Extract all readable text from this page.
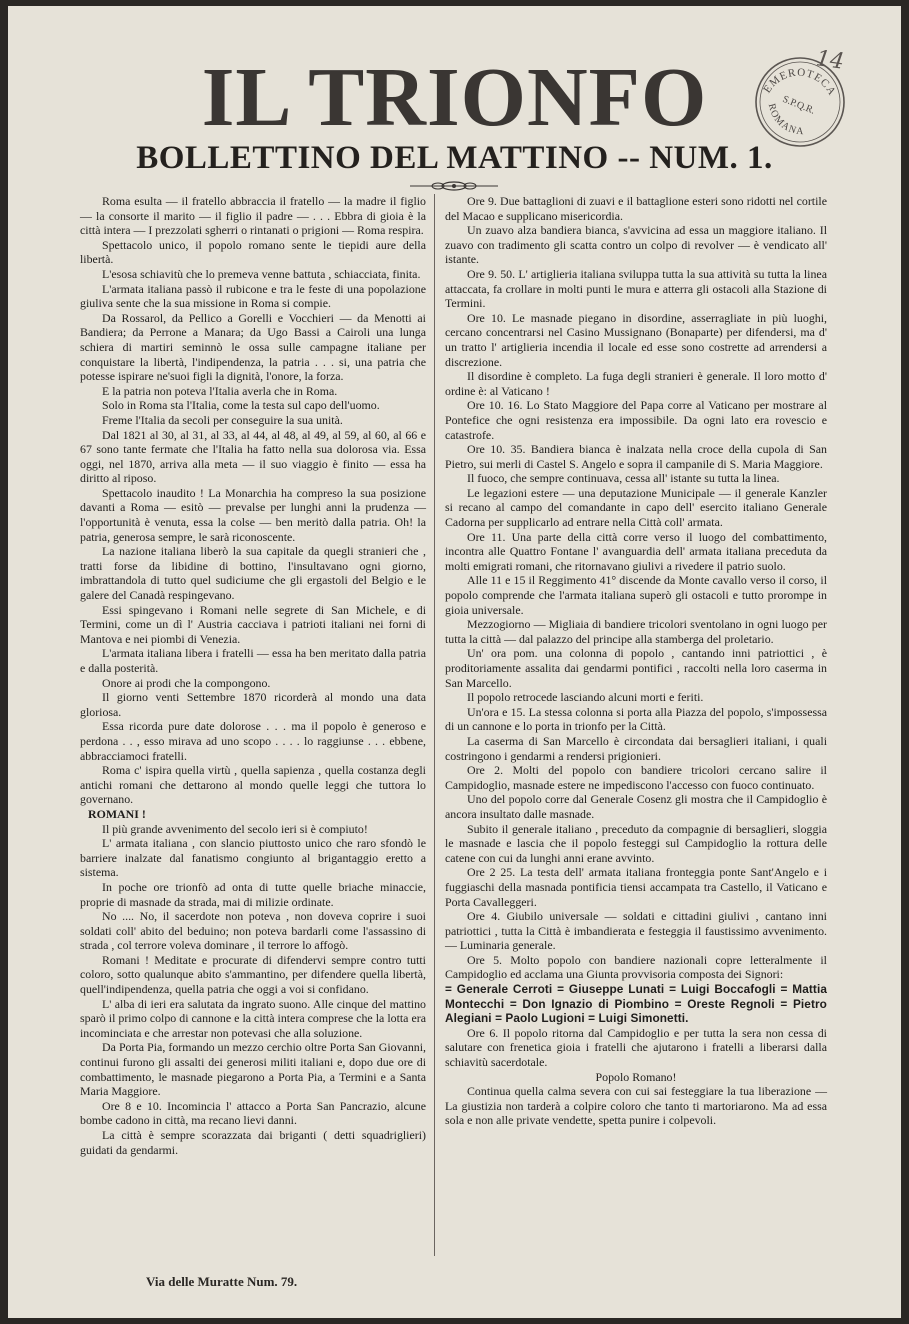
IL TRIONFO
BOLLETTINO DEL MATTINO -- NUM. 1.
EMEROTECA
S.P.Q.R.
ROMANA
14

Roma esulta — il fratello abbraccia il fratello — la madre il figlio — la consorte il marito — il figlio il padre — . . . Ebbra di gioia è la città intera — I prezzolati sgherri o rintanati o prigioni — Roma respira.

Spettacolo unico, il popolo romano sente le tiepidi aure della libertà.

L'esosa schiavitù che lo premeva venne battuta , schiacciata, finita.

L'armata italiana passò il rubicone e tra le feste di una popolazione giuliva sente che la sua missione in Roma si compie.

Da Rossarol, da Pellico a Gorelli e Vocchieri — da Menotti ai Bandiera; da Perrone a Manara; da Ugo Bassi a Cairoli una lunga schiera di martiri seminnò le ossa sulle campagne italiane per conquistare la libertà, l'indipendenza, la patria . . . si, una patria che potesse ispirare ne'suoi figli la dignità, l'onore, la forza.

E la patria non poteva l'Italia averla che in Roma.

Solo in Roma sta l'Italia, come la testa sul capo dell'uomo.

Freme l'Italia da secoli per conseguire la sua unità.

Dal 1821 al 30, al 31, al 33, al 44, al 48, al 49, al 59, al 60, al 66 e 67 sono tante fermate che l'Italia ha fatto nella sua dolorosa via. Essa oggi, nel 1870, arriva alla meta — il suo viaggio è finito — essa ha diritto al riposo.

Spettacolo inaudito ! La Monarchia ha compreso la sua posizione davanti a Roma — esitò — prevalse per lunghi anni la prudenza — l'opportunità è venuta, essa la colse — ben meritò dalla patria. Oh! la patria, generosa sempre, le sarà riconoscente.

La nazione italiana liberò la sua capitale da quegli stranieri che , tratti forse da libidine di bottino, l'insultavano ogni giorno, imbrattandola di tutto quel sudiciume che gli ergastoli del Belgio e le galere del Canadà respingevano.

Essi spingevano i Romani nelle segrete di San Michele, e di Termini, come un dì l' Austria cacciava i patrioti italiani nei forni di Mantova e nei piombi di Venezia.

L'armata italiana libera i fratelli — essa ha ben meritato dalla patria e dalla posterità.

Onore ai prodi che la compongono.

Il giorno venti Settembre 1870 ricorderà al mondo una data gloriosa.

Essa ricorda pure date dolorose . . . ma il popolo è generoso e perdona . . , esso mirava ad uno scopo . . . . lo raggiunse . . . ebbene, abbracciamoci fratelli.

Roma c' ispira quella virtù , quella sapienza , quella costanza degli antichi romani che dettarono al mondo quelle leggi che tuttora lo governano.

ROMANI !

Il più grande avvenimento del secolo ieri si è compiuto!

L' armata italiana , con slancio piuttosto unico che raro sfondò le barriere inalzate dal fanatismo congiunto al brigantaggio eretto a sistema.

In poche ore trionfò ad onta di tutte quelle briache minaccie, proprie di masnade da strada, mai di milizie ordinate.

No .... No, il sacerdote non poteva , non doveva coprire i suoi soldati coll' abito del beduino; non poteva bardarli come l'assassino di strada , col terrore voleva dominare , il terrore lo affogò.

Romani ! Meditate e procurate di difendervi sempre contro tutti coloro, sotto qualunque abito s'ammantino, per difendere quella libertà, quell'indipendenza, quella patria che oggi a voi si confidano.

L' alba di ieri era salutata da ingrato suono. Alle cinque del mattino sparò il primo colpo di cannone e la città intera comprese che la lotta era incominciata e che arrestar non potevasi che alla soluzione.

Da Porta Pia, formando un mezzo cerchio oltre Porta San Giovanni, continui furono gli assalti dei generosi militi italiani e, dopo due ore di combattimento, le masnade piegarono a Porta Pia, a Termini e a Santa Maria Maggiore.

Ore 8 e 10. Incomincia l' attacco a Porta San Pancrazio, alcune bombe cadono in città, ma recano lievi danni.

La città è sempre scorazzata dai briganti ( detti squadriglieri) guidati da gendarmi.

Ore 9. Due battaglioni di zuavi e il battaglione esteri sono ridotti nel cortile del Macao e supplicano misericordia.

Un zuavo alza bandiera bianca, s'avvicina ad essa un maggiore italiano. Il zuavo con tradimento gli scatta contro un colpo di revolver — è vendicato all' istante.

Ore 9. 50. L' artiglieria italiana sviluppa tutta la sua attività su tutta la linea attaccata, fa crollare in molti punti le mura e atterra gli ostacoli alla Stazione di Termini.

Ore 10. Le masnade piegano in disordine, asserragliate in più luoghi, cercano concentrarsi nel Casino Mussignano (Bonaparte) per difendersi, ma d' un tratto l' artiglieria incendia il locale ed esse sono costrette ad arrendersi a discrezione.

Il disordine è completo. La fuga degli stranieri è generale. Il loro motto d' ordine è: al Vaticano !

Ore 10. 16. Lo Stato Maggiore del Papa corre al Vaticano per mostrare al Pontefice che ogni resistenza era impossibile. Da ogni lato era rovescio e catastrofe.

Ore 10. 35. Bandiera bianca è inalzata nella croce della cupola di San Pietro, sui merli di Castel S. Angelo e sopra il campanile di S. Maria Maggiore.

Il fuoco, che sempre continuava, cessa all' istante su tutta la linea.

Le legazioni estere — una deputazione Municipale — il generale Kanzler si recano al campo del comandante in capo dell' esercito italiano Generale Cadorna per supplicarlo ad entrare nella Città coll' armata.

Ore 11. Una parte della città corre verso il luogo del combattimento, incontra alle Quattro Fontane l' avanguardia dell' armata italiana preceduta da molti emigrati romani, che ritornavano giulivi a rivedere il patrio suolo.

Alle 11 e 15 il Reggimento 41° discende da Monte cavallo verso il corso, il popolo comprende che l'armata italiana superò gli ostacoli e tutto prorompe in gioia universale.

Mezzogiorno — Migliaia di bandiere tricolori sventolano in ogni luogo per tutta la città — dal palazzo del principe alla stamberga del proletario.

Un' ora pom. una colonna di popolo , cantando inni patriottici , è proditoriamente assalita dai gendarmi pontifici , raccolti nella loro caserma in San Marcello.

Il popolo retrocede lasciando alcuni morti e feriti.

Un'ora e 15. La stessa colonna si porta alla Piazza del popolo, s'impossessa di un cannone e lo porta in trionfo per la Città.

La caserma di San Marcello è circondata dai bersaglieri italiani, i quali costringono i gendarmi a rendersi prigionieri.

Ore 2. Molti del popolo con bandiere tricolori cercano salire il Campidoglio, masnade estere ne impediscono l'accesso con fuoco continuato.

Uno del popolo corre dal Generale Cosenz gli mostra che il Campidoglio è ancora insultato dalle masnade.

Subito il generale italiano , preceduto da compagnie di bersaglieri, sloggia le masnade e lascia che il popolo festeggi sul Campidoglio la rottura delle catene con cui da lunghi anni erane avvinto.

Ore 2 25. La testa dell' armata italiana fronteggia ponte Sant'Angelo e i fuggiaschi della masnada pontificia tiensi accampata tra Castello, il Vaticano e Porta Cavalleggeri.

Ore 4. Giubilo universale — soldati e cittadini giulivi , cantano inni patriottici , tutta la Città è imbandierata e festeggia il faustissimo avvenimento. — Luminaria generale.

Ore 5. Molto popolo con bandiere nazionali copre letteralmente il Campidoglio ed acclama una Giunta provvisoria composta dei Signori:

= Generale Cerroti = Giuseppe Lunati = Luigi Boccafogli = Mattia Montecchi = Don Ignazio di Piombino = Oreste Regnoli = Pietro Alegiani = Paolo Lugioni = Luigi Simonetti.

Ore 6. Il popolo ritorna dal Campidoglio e per tutta la sera non cessa di salutare con frenetica gioia i fratelli che ajutarono i fratelli a liberarsi dalla schiavitù sacerdotale.

Popolo Romano!

Continua quella calma severa con cui sai festeggiare la tua liberazione — La giustizia non tarderà a colpire coloro che tanto ti martoriarono. Ma ad essa sola e non alle private vendette, spetta punire i colpevoli.

Via delle Muratte Num. 79.
